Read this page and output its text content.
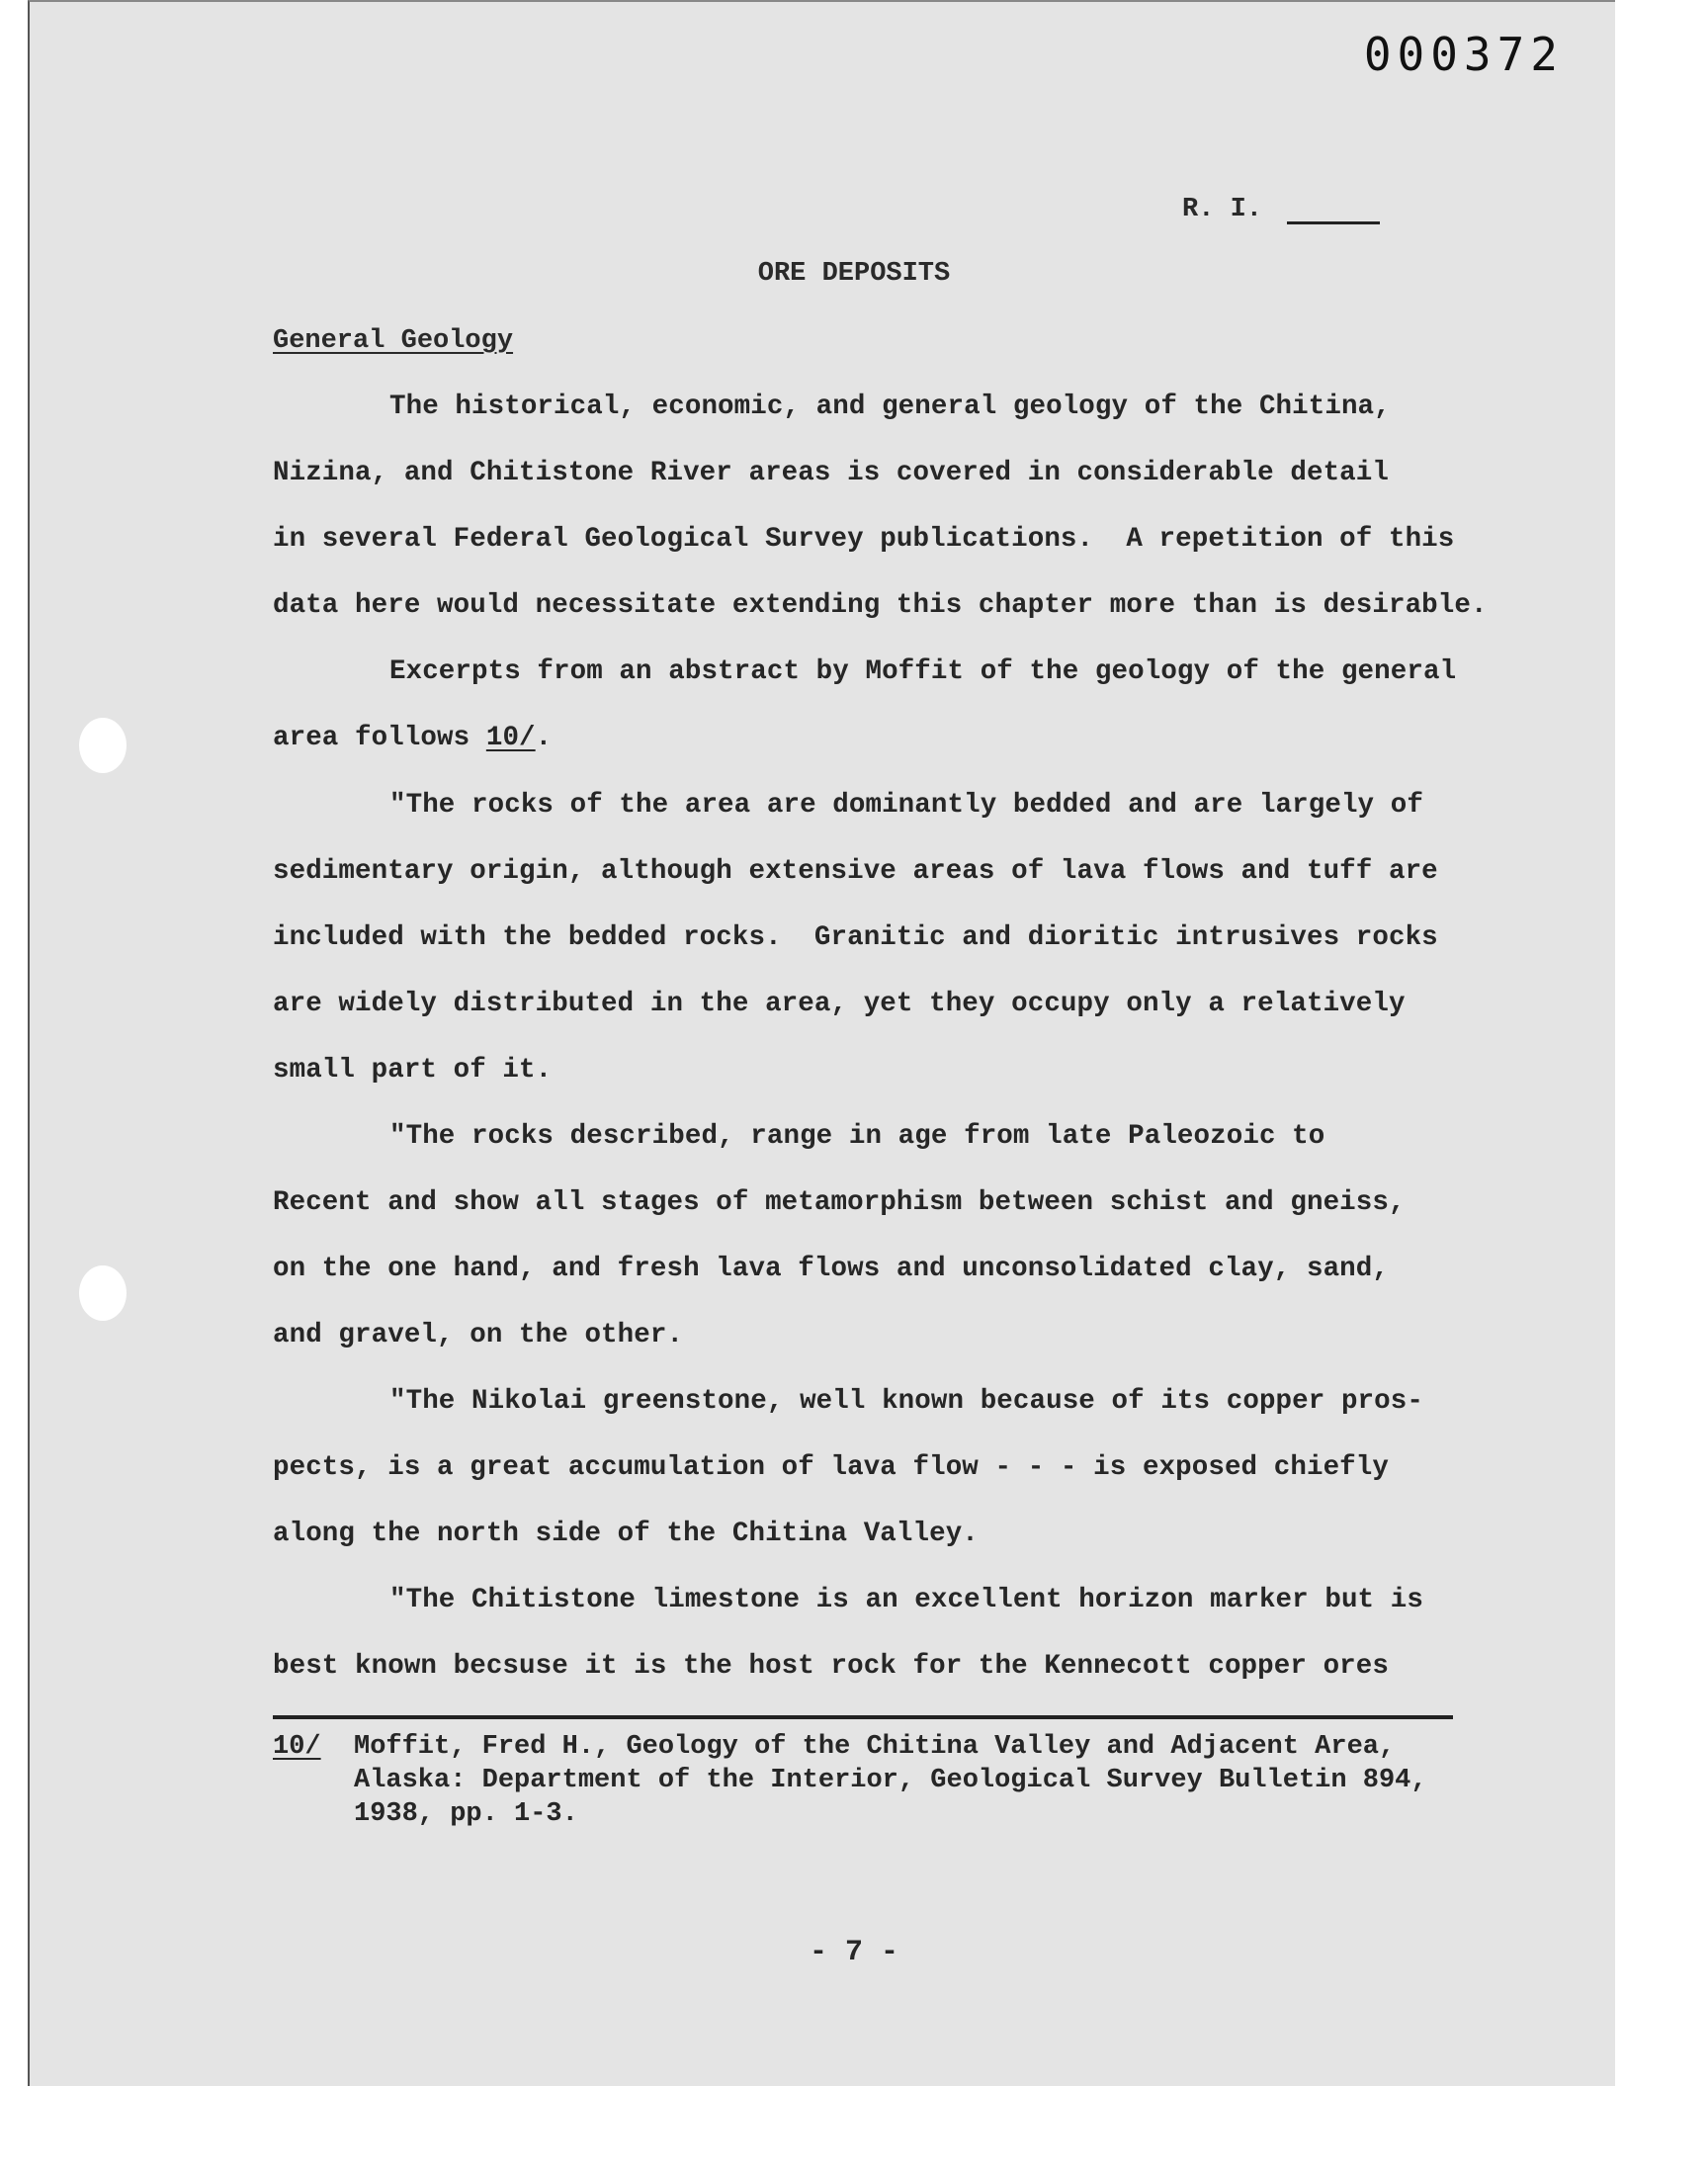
000372
R. I.
ORE DEPOSITS
General Geology
The historical, economic, and general geology of the Chitina,
Nizina, and Chitistone River areas is covered in considerable detail
in several Federal Geological Survey publications.  A repetition of this
data here would necessitate extending this chapter more than is desirable.
Excerpts from an abstract by Moffit of the geology of the general
area follows 10/.
"The rocks of the area are dominantly bedded and are largely of
sedimentary origin, although extensive areas of lava flows and tuff are
included with the bedded rocks.  Granitic and dioritic intrusives rocks
are widely distributed in the area, yet they occupy only a relatively
small part of it.
"The rocks described, range in age from late Paleozoic to
Recent and show all stages of metamorphism between schist and gneiss,
on the one hand, and fresh lava flows and unconsolidated clay, sand,
and gravel, on the other.
"The Nikolai greenstone, well known because of its copper pros-
pects, is a great accumulation of lava flow - - - is exposed chiefly
along the north side of the Chitina Valley.
"The Chitistone limestone is an excellent horizon marker but is
best known becsuse it is the host rock for the Kennecott copper ores
10/ Moffit, Fred H., Geology of the Chitina Valley and Adjacent Area,
Alaska: Department of the Interior, Geological Survey Bulletin 894,
1938, pp. 1-3.
- 7 -
